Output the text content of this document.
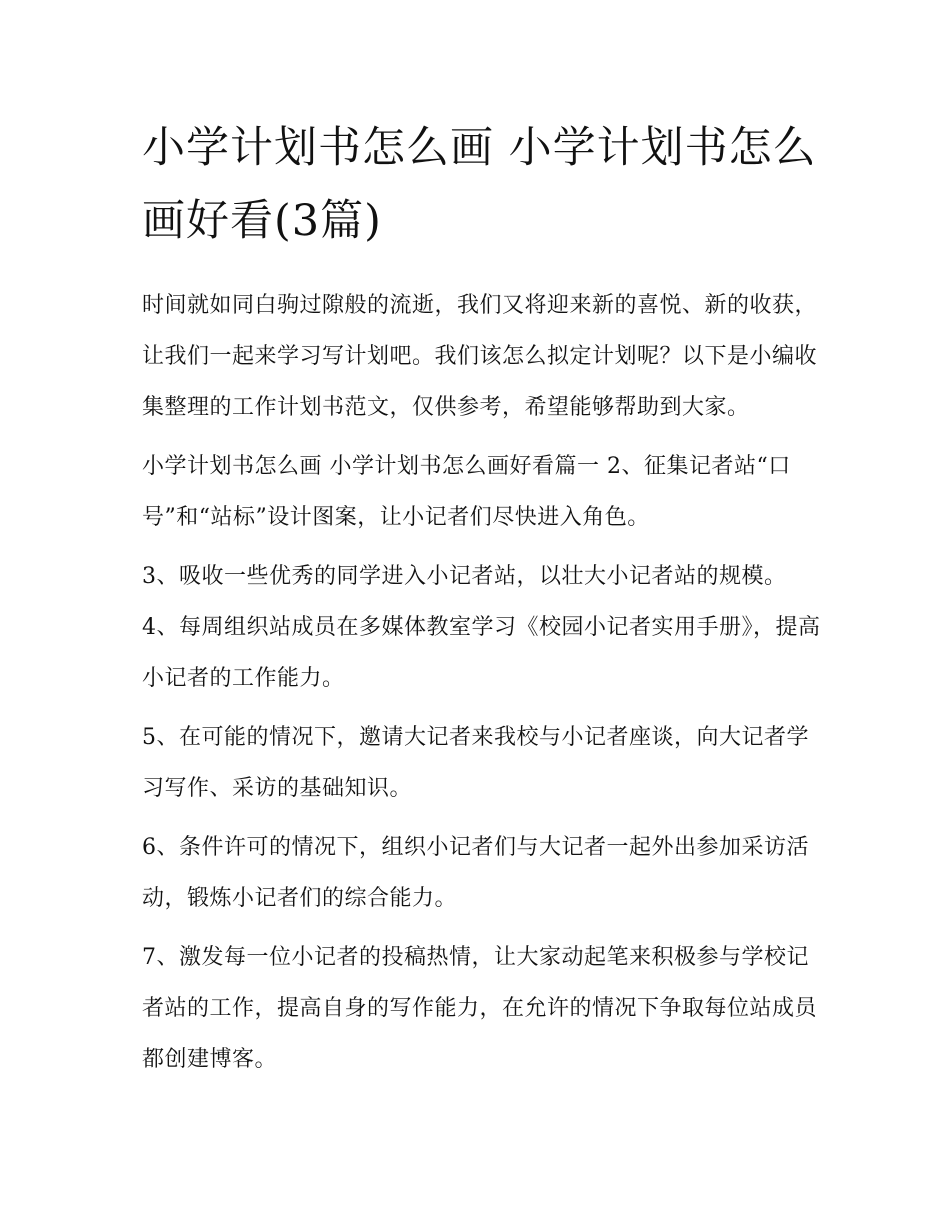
小学计划书怎么画 小学计划书怎么画好看(3篇)

时间就如同白驹过隙般的流逝，我们又将迎来新的喜悦、新的收获，让我们一起来学习写计划吧。我们该怎么拟定计划呢？以下是小编收集整理的工作计划书范文，仅供参考，希望能够帮助到大家。

小学计划书怎么画 小学计划书怎么画好看篇一 2、征集记者站“口号”和“站标”设计图案，让小记者们尽快进入角色。

3、吸收一些优秀的同学进入小记者站，以壮大小记者站的规模。 4、每周组织站成员在多媒体教室学习《校园小记者实用手册》，提高小记者的工作能力。

5、在可能的情况下，邀请大记者来我校与小记者座谈，向大记者学习写作、采访的基础知识。

6、条件许可的情况下，组织小记者们与大记者一起外出参加采访活动，锻炼小记者们的综合能力。

7、激发每一位小记者的投稿热情，让大家动起笔来积极参与学校记者站的工作，提高自身的写作能力，在允许的情况下争取每位站成员都创建博客。
